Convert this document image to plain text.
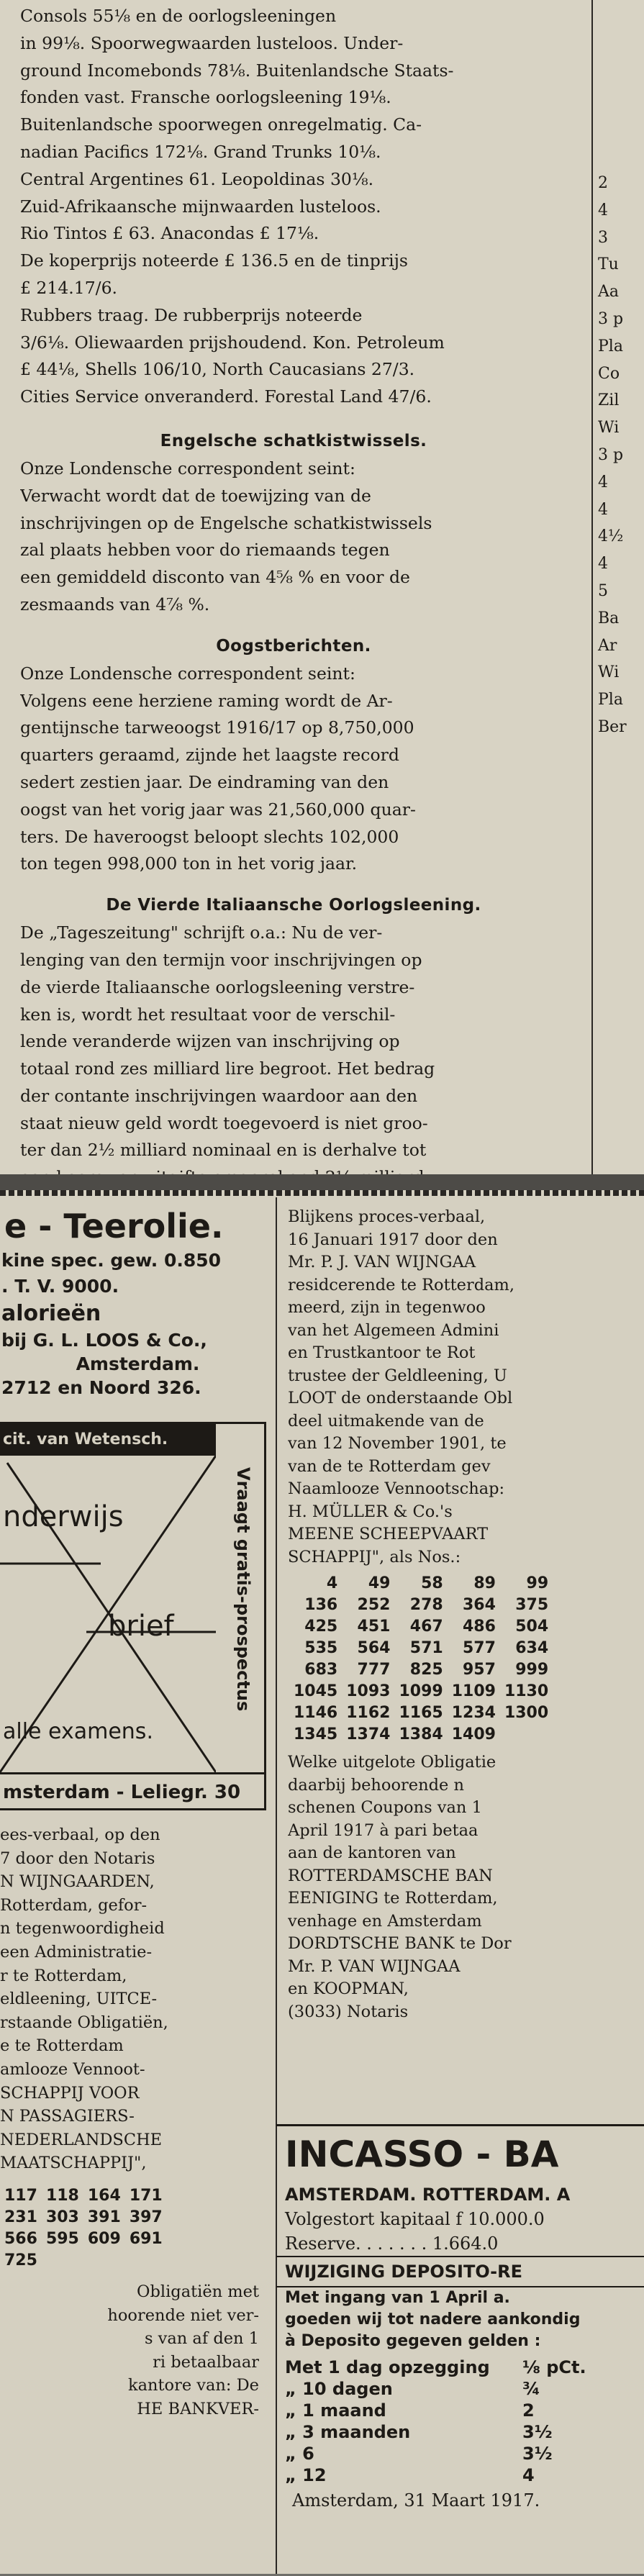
2
4
3
Tu
Aa
3 p
Pla
Co
Zil
Wi
3 p
4
4
4½
4
5
Ba
Ar
Wi
Pla
Ber
Consols 55⅛ en de oorlogsleeningen
in 99⅛. Spoorwegwaarden lusteloos. Under-
ground Incomebonds 78⅛. Buitenlandsche Staats-
fonden vast. Fransche oorlogsleening 19⅛.
Buitenlandsche spoorwegen onregelmatig. Ca-
nadian Pacifics 172⅛. Grand Trunks 10⅛.
Central Argentines 61. Leopoldinas 30⅛.
Zuid-Afrikaansche mijnwaarden lusteloos.
Rio Tintos £ 63. Anacondas £ 17⅛.
De koperprijs noteerde £ 136.5 en de tinprijs
£ 214.17/6.
Rubbers traag. De rubberprijs noteerde
3/6⅛. Oliewaarden prijshoudend. Kon. Petroleum
£ 44⅛, Shells 106/10, North Caucasians 27/3.
Cities Service onveranderd. Forestal Land 47/6.
Engelsche schatkistwissels.
Onze Londensche correspondent seint:
Verwacht wordt dat de toewijzing van de
inschrijvingen op de Engelsche schatkistwissels
zal plaats hebben voor do riemaands tegen
een gemiddeld disconto van 4⅝ % en voor de
zesmaands van 4⅞ %.
Oogstberichten.
Onze Londensche correspondent seint:
Volgens eene herziene raming wordt de Ar-
gentijnsche tarweoogst 1916/17 op 8,750,000
quarters geraamd, zijnde het laagste record
sedert zestien jaar. De eindraming van den
oogst van het vorig jaar was 21,560,000 quar-
ters. De haveroogst beloopt slechts 102,000
ton tegen 998,000 ton in het vorig jaar.
De Vierde Italiaansche Oorlogsleening.
De „Tageszeitung" schrijft o.a.: Nu de ver-
lenging van den termijn voor inschrijvingen op
de vierde Italiaansche oorlogsleening verstre-
ken is, wordt het resultaat voor de verschil-
lende veranderde wijzen van inschrijving op
totaal rond zes milliard lire begroot. Het bedrag
der contante inschrijvingen waardoor aan den
staat nieuw geld wordt toegevoerd is niet groo-
ter dan 2½ milliard nominaal en is derhalve tot
e - Teerolie.
kine spec. gew. 0.850
. T. V. 9000.
alorieën
bij G. L. LOOS & Co.,
Amsterdam.
2712 en Noord 326.
cit. van Wetensch. Nieuws
nderwijs
brief
alle examens.
Vraagt gratis-prospectus
msterdam - Leliegr. 30
ees-verbaal, op den
7 door den Notaris
N WIJNGAARDEN,
Rotterdam, gefor-
n tegenwoordigheid
een Administratie-
r te Rotterdam,
eldleening, UITCE-
rstaande Obligatiën,
e te Rotterdam
amlooze Vennoot-
SCHAPPIJ VOOR
N PASSAGIERS-
NEDERLANDSCHE
MAATSCHAPPIJ",
117	118	164	171
231	303	391	397
566	595	609	691
725			
Obligatiën met
hoorende niet ver-
s van af den 1
ri betaalbaar
kantore van: De
HE BANKVER-
Blijkens proces-verbaal,
16 Januari 1917 door den
Mr. P. J. VAN WIJNGAA
residcerende te Rotterdam,
meerd, zijn in tegenwoo
van het Algemeen Admini
en Trustkantoor te Rot
trustee der Geldleening, U
LOOT de onderstaande Obl
deel uitmakende van de
van 12 November 1901, te
van de te Rotterdam gev
Naamlooze Vennootschap:
H. MÜLLER & Co.'s
MEENE SCHEEPVAART
SCHAPPIJ", als Nos.:
4	49	58	89	99
136	252	278	364	375
425	451	467	486	504
535	564	571	577	634
683	777	825	957	999
1045	1093	1099	1109	1130
1146	1162	1165	1234	1300
1345	1374	1384	1409	
Welke uitgelote Obligatie
daarbij behoorende n
schenen Coupons van 1
April 1917 à pari betaa
aan de kantoren van
ROTTERDAMSCHE BAN
EENIGING te Rotterdam,
venhage en Amsterdam
DORDTSCHE BANK te Dor
Mr. P. VAN WIJNGAA
en KOOPMAN,
(3033) Notaris
INCASSO - BA
AMSTERDAM. ROTTERDAM. A
Volgestort kapitaal f 10.000.0
Reserve. . . . . . . 1.664.0
WIJZIGING DEPOSITO-RE
Met ingang van 1 April a.
goeden wij tot nadere aankondig
à Deposito gegeven gelden :
Met 1 dag opzegging	⅛ pCt.
„ 10 dagen	¾
„ 1 maand	2
„ 3 maanden	3½
„ 6	3½
„ 12	4
Amsterdam, 31 Maart 1917.
